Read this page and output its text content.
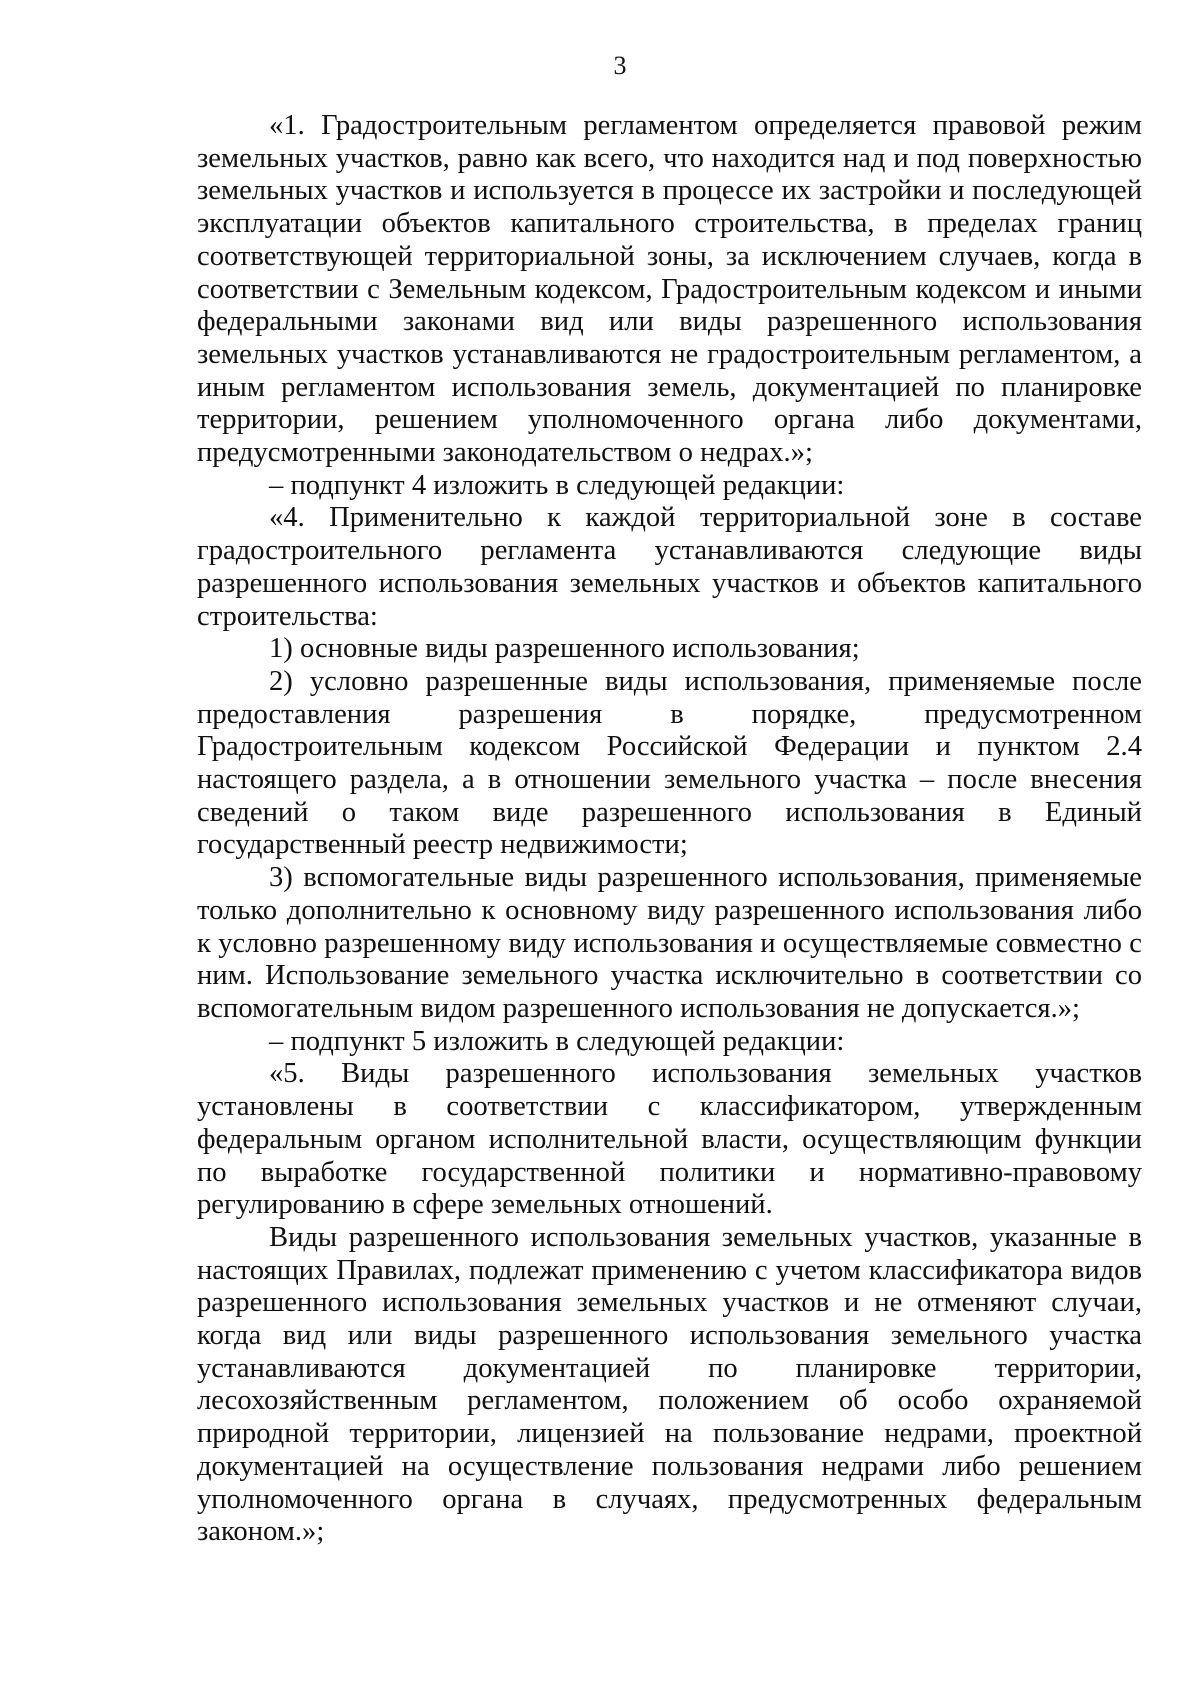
3

«1. Градостроительным регламентом определяется правовой режим земельных участков, равно как всего, что находится над и под поверхностью земельных участков и используется в процессе их застройки и последующей эксплуатации объектов капитального строительства, в пределах границ соответствующей территориальной зоны, за исключением случаев, когда в соответствии с Земельным кодексом, Градостроительным кодексом и иными федеральными законами вид или виды разрешенного использования земельных участков устанавливаются не градостроительным регламентом, а иным регламентом использования земель, документацией по планировке территории, решением уполномоченного органа либо документами, предусмотренными законодательством о недрах.»;

– подпункт 4 изложить в следующей редакции:

«4. Применительно к каждой территориальной зоне в составе градостроительного регламента устанавливаются следующие виды разрешенного использования земельных участков и объектов капитального строительства:

1) основные виды разрешенного использования;

2) условно разрешенные виды использования, применяемые после предоставления разрешения в порядке, предусмотренном Градостроительным кодексом Российской Федерации и пунктом 2.4 настоящего раздела, а в отношении земельного участка – после внесения сведений о таком виде разрешенного использования в Единый государственный реестр недвижимости;

3) вспомогательные виды разрешенного использования, применяемые только дополнительно к основному виду разрешенного использования либо к условно разрешенному виду использования и осуществляемые совместно с ним. Использование земельного участка исключительно в соответствии со вспомогательным видом разрешенного использования не допускается.»;

– подпункт 5 изложить в следующей редакции:

«5. Виды разрешенного использования земельных участков установлены в соответствии с классификатором, утвержденным федеральным органом исполнительной власти, осуществляющим функции по выработке государственной политики и нормативно-правовому регулированию в сфере земельных отношений.

Виды разрешенного использования земельных участков, указанные в настоящих Правилах, подлежат применению с учетом классификатора видов разрешенного использования земельных участков и не отменяют случаи, когда вид или виды разрешенного использования земельного участка устанавливаются документацией по планировке территории, лесохозяйственным регламентом, положением об особо охраняемой природной территории, лицензией на пользование недрами, проектной документацией на осуществление пользования недрами либо решением уполномоченного органа в случаях, предусмотренных федеральным законом.»;
